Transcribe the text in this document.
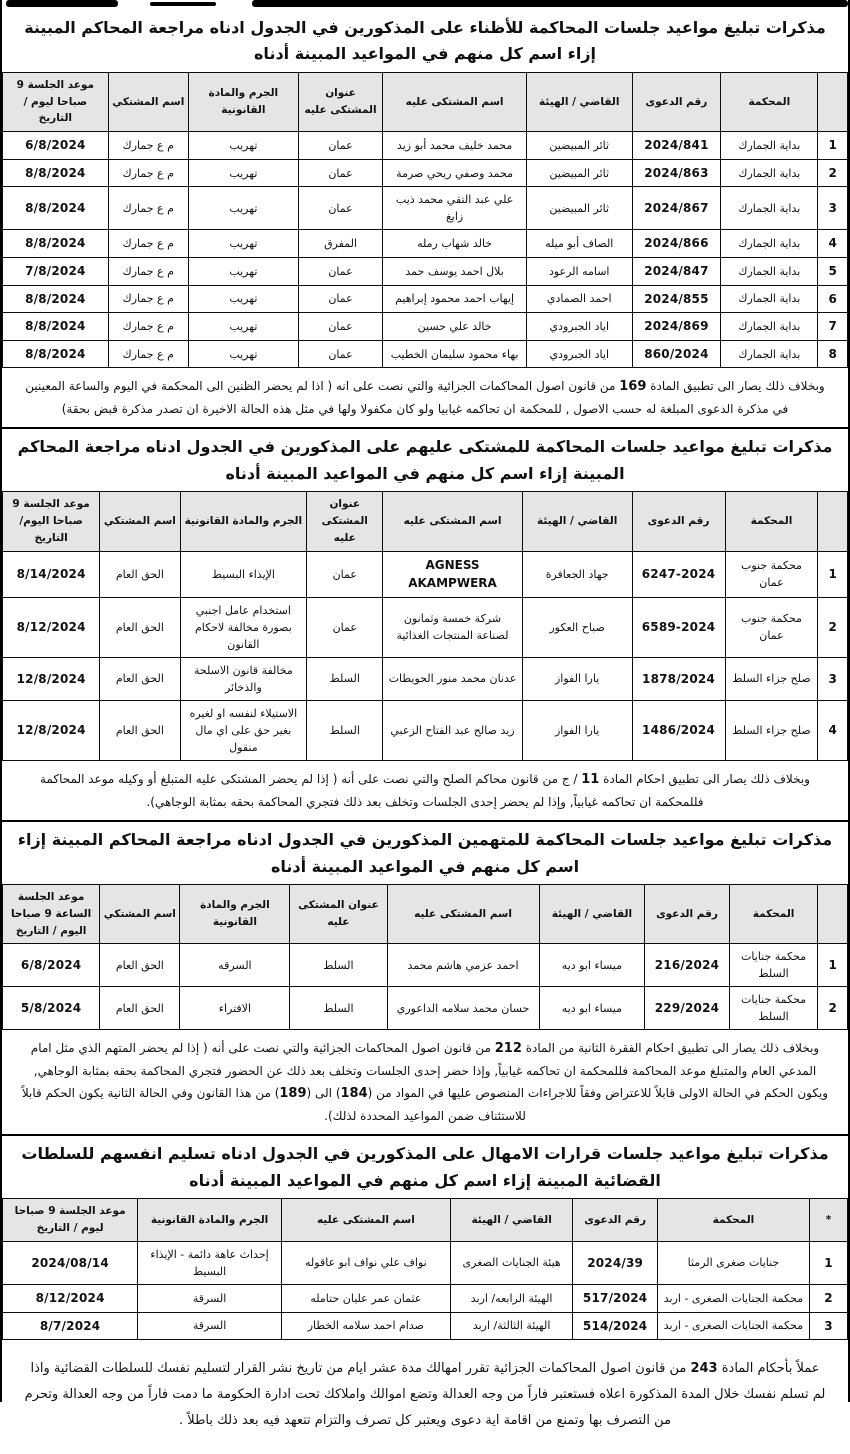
مذكرات تبليغ مواعيد جلسات المحاكمة للأظناء على المذكورين في الجدول ادناه مراجعة المحاكم المبينة إزاء اسم كل منهم في المواعيد المبينة أدناه
	المحكمة	رقم الدعوى	القاضي / الهيئة	اسم المشتكى عليه	عنوان المشتكى عليه	الجرم والمادة القانونية	اسم المشتكي	موعد الجلسة 9 صباحا ليوم / التاريخ
1	بداية الجمارك	2024/841	ثائر المبيضين	محمد خليف محمد أبو زيد	عمان	تهريب	م ع جمارك	6/8/2024
2	بداية الجمارك	2024/863	ثائر المبيضين	محمد وصفي ريحي صرمة	عمان	تهريب	م ع جمارك	8/8/2024
3	بداية الجمارك	2024/867	ثائر المبيضين	علي عبد التقي محمد ذيب زايغ	عمان	تهريب	م ع جمارك	8/8/2024
4	بداية الجمارك	2024/866	الصاف أبو ميله	خالد شهاب رمله	المفرق	تهريب	م ع جمارك	8/8/2024
5	بداية الجمارك	2024/847	اسامه الرعود	بلال احمد يوسف حمد	عمان	تهريب	م ع جمارك	7/8/2024
6	بداية الجمارك	2024/855	احمد الصمادي	إيهاب احمد محمود إبراهيم	عمان	تهريب	م ع جمارك	8/8/2024
7	بداية الجمارك	2024/869	اياد الجبرودي	خالد علي حسين	عمان	تهريب	م ع جمارك	8/8/2024
8	بداية الجمارك	860/2024	اياد الجبرودي	بهاء محمود سليمان الخطيب	عمان	تهريب	م ع جمارك	8/8/2024

وبخلاف ذلك يصار الى تطبيق المادة 169 من قانون اصول المحاكمات الجزائية والتي نصت على انه ( اذا لم يحضر الظنين الى المحكمة في اليوم والساعة المعينين في مذكرة الدعوى المبلغة له حسب الاصول , للمحكمة ان تحاكمه غيابيا ولو كان مكفولا ولها في مثل هذه الحالة الاخيرة ان تصدر مذكرة قبض بحقة)

مذكرات تبليغ مواعيد جلسات المحاكمة للمشتكى عليهم على المذكورين في الجدول ادناه مراجعة المحاكم المبينة إزاء اسم كل منهم في المواعيد المبينة أدناه
	المحكمة	رقم الدعوى	القاضي / الهيئة	اسم المشتكى عليه	عنوان المشتكى عليه	الجرم والمادة القانونية	اسم المشتكي	موعد الجلسة 9 صباحا اليوم/التاريخ
1	محكمة جنوب عمان	6247-2024	جهاد الجعافرة	AGNESS AKAMPWERA	عمان	الإيذاء البسيط	الحق العام	8/14/2024
2	محكمة جنوب عمان	6589-2024	صباح العكور	شركة خمسة وثمانون لصناعة المنتجات الغذائية	عمان	استخدام عامل اجنبي بصورة مخالفة لاحكام القانون	الحق العام	8/12/2024
3	صلح جزاء السلط	1878/2024	يارا الفواز	عدنان محمد منور الحويطات	السلط	مخالفة قانون الاسلحة والذخائر	الحق العام	12/8/2024
4	صلح جزاء السلط	1486/2024	يارا الفواز	زيد صالح عبد الفتاح الزعبي	السلط	الاستيلاء لنفسه او لغيره بغير حق على اي مال منقول	الحق العام	12/8/2024

وبخلاف ذلك يصار الى تطبيق احكام المادة 11 / ج من قانون محاكم الصلح والتي نصت على أنه ( إذا لم يحضر المشتكى عليه المتبلغ أو وكيله موعد المحاكمة فللمحكمة ان تحاكمه غيابياً, وإذا لم يحضر إحدى الجلسات وتخلف بعد ذلك فتجري المحاكمة بحقه بمثابة الوجاهي).

مذكرات تبليغ مواعيد جلسات المحاكمة للمتهمين المذكورين في الجدول ادناه مراجعة المحاكم المبينة إزاء اسم كل منهم في المواعيد المبينة أدناه
	المحكمة	رقم الدعوى	القاضي / الهيئة	اسم المشتكى عليه	عنوان المشتكى عليه	الجرم والمادة القانونية	اسم المشتكي	موعد الجلسة الساعة 9 صباحا اليوم / التاريخ
1	محكمة جنايات السلط	216/2024	ميساء ابو ديه	احمد عزمي هاشم محمد	السلط	السرقه	الحق العام	6/8/2024
2	محكمة جنايات السلط	229/2024	ميساء ابو ديه	حسان محمد سلامه الداعوري	السلط	الافتراء	الحق العام	5/8/2024

وبخلاف ذلك يصار الى تطبيق احكام الفقرة الثانية من المادة 212 من قانون اصول المحاكمات الجزائية والتي نصت على أنه ( إذا لم يحضر المتهم الذي مثل امام المدعي العام والمتبلغ موعد المحاكمة فللمحكمة ان تحاكمه غيابياً, وإذا حضر إحدى الجلسات وتخلف بعد ذلك عن الحضور فتجري المحاكمة بحقه بمثابة الوجاهي, ويكون الحكم في الحالة الاولى قابلاً للاعتراض وفقاً للاجراءات المنصوص عليها في المواد من (184) الى (189) من هذا القانون وفي الحالة الثانية يكون الحكم قابلاً للاستئناف ضمن المواعيد المحددة لذلك).

مذكرات تبليغ مواعيد جلسات قرارات الامهال على المذكورين في الجدول ادناه تسليم انفسهم للسلطات القضائية المبينة إزاء اسم كل منهم في المواعيد المبينة أدناه
*	المحكمة	رقم الدعوى	القاضي / الهيئة	اسم المشتكى عليه	الجرم والمادة القانونية	موعد الجلسة 9 صباحا ليوم / التاريخ
1	جنايات صغرى الرمثا	2024/39	هيئة الجنايات الصغرى	نواف علي نواف ابو عاقوله	إحداث عاهة دائمة - الإيذاء البسيط	2024/08/14
2	محكمة الجنايات الصغرى - اربد	517/2024	الهيئة الرابعه/ اربد	عثمان عمر عليان حتامله	السرقة	8/12/2024
3	محكمة الجنايات الصغرى - اربد	514/2024	الهيئة الثالثة/ اربد	صدام احمد سلامه الخطار	السرقة	8/7/2024

عملاً بأحكام المادة 243 من قانون اصول المحاكمات الجزائية تقرر امهالك مدة عشر ايام من تاريخ نشر القرار لتسليم نفسك للسلطات القضائية واذا لم تسلم نفسك خلال المدة المذكورة اعلاه فستعتبر فاراً من وجه العدالة وتضع اموالك واملاكك تحت ادارة الحكومة ما دمت فاراً من وجه العدالة وتحرم من التصرف بها وتمنع من اقامة اية دعوى ويعتبر كل تصرف والتزام تتعهد فيه بعد ذلك باطلاً .
